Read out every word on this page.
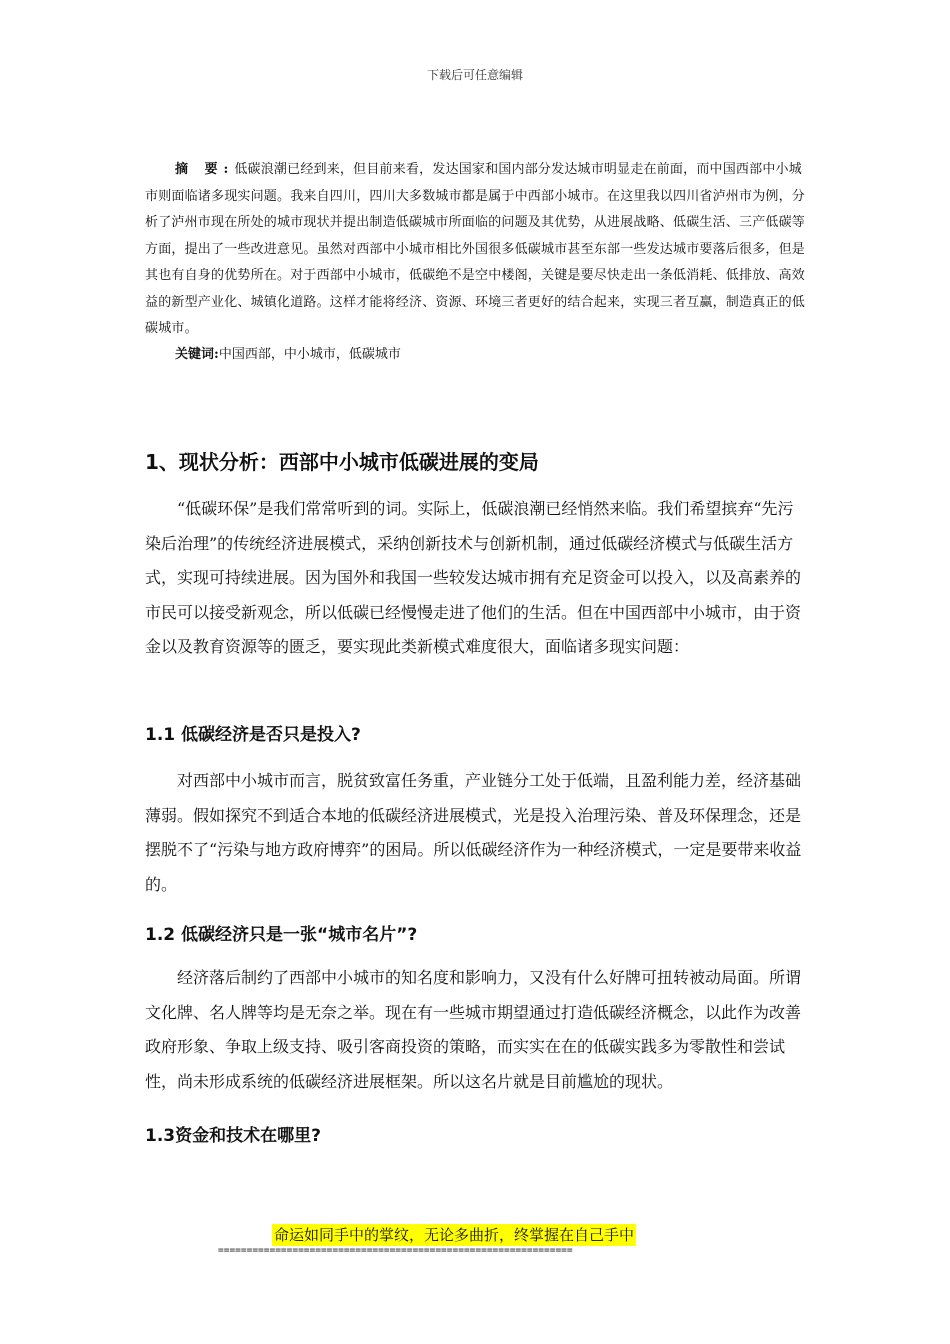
下载后可任意编辑

摘 要:低碳浪潮已经到来，但目前来看，发达国家和国内部分发达城市明显走在前面，而中国西部中小城市则面临诸多现实问题。我来自四川，四川大多数城市都是属于中西部小城市。在这里我以四川省泸州市为例，分析了泸州市现在所处的城市现状并提出制造低碳城市所面临的问题及其优势，从进展战略、低碳生活、三产低碳等方面，提出了一些改进意见。虽然对西部中小城市相比外国很多低碳城市甚至东部一些发达城市要落后很多，但是其也有自身的优势所在。对于西部中小城市，低碳绝不是空中楼阁，关键是要尽快走出一条低消耗、低排放、高效益的新型产业化、城镇化道路。这样才能将经济、资源、环境三者更好的结合起来，实现三者互赢，制造真正的低碳城市。

关键词:中国西部，中小城市，低碳城市

1、现状分析：西部中小城市低碳进展的变局

“低碳环保”是我们常常听到的词。实际上，低碳浪潮已经悄然来临。我们希望摈弃“先污染后治理”的传统经济进展模式，采纳创新技术与创新机制，通过低碳经济模式与低碳生活方式，实现可持续进展。因为国外和我国一些较发达城市拥有充足资金可以投入，以及高素养的市民可以接受新观念，所以低碳已经慢慢走进了他们的生活。但在中国西部中小城市，由于资金以及教育资源等的匮乏，要实现此类新模式难度很大，面临诸多现实问题：

1.1 低碳经济是否只是投入?

对西部中小城市而言，脱贫致富任务重，产业链分工处于低端，且盈利能力差，经济基础薄弱。假如探究不到适合本地的低碳经济进展模式，光是投入治理污染、普及环保理念，还是摆脱不了“污染与地方政府博弈”的困局。所以低碳经济作为一种经济模式，一定是要带来收益的。

1.2 低碳经济只是一张“城市名片”?

经济落后制约了西部中小城市的知名度和影响力，又没有什么好牌可扭转被动局面。所谓文化牌、名人牌等均是无奈之举。现在有一些城市期望通过打造低碳经济概念，以此作为改善政府形象、争取上级支持、吸引客商投资的策略，而实实在在的低碳实践多为零散性和尝试性，尚未形成系统的低碳经济进展框架。所以这名片就是目前尴尬的现状。

1.3资金和技术在哪里?
命运如同手中的掌纹，无论多曲折，终掌握在自己手中
==============================================================
